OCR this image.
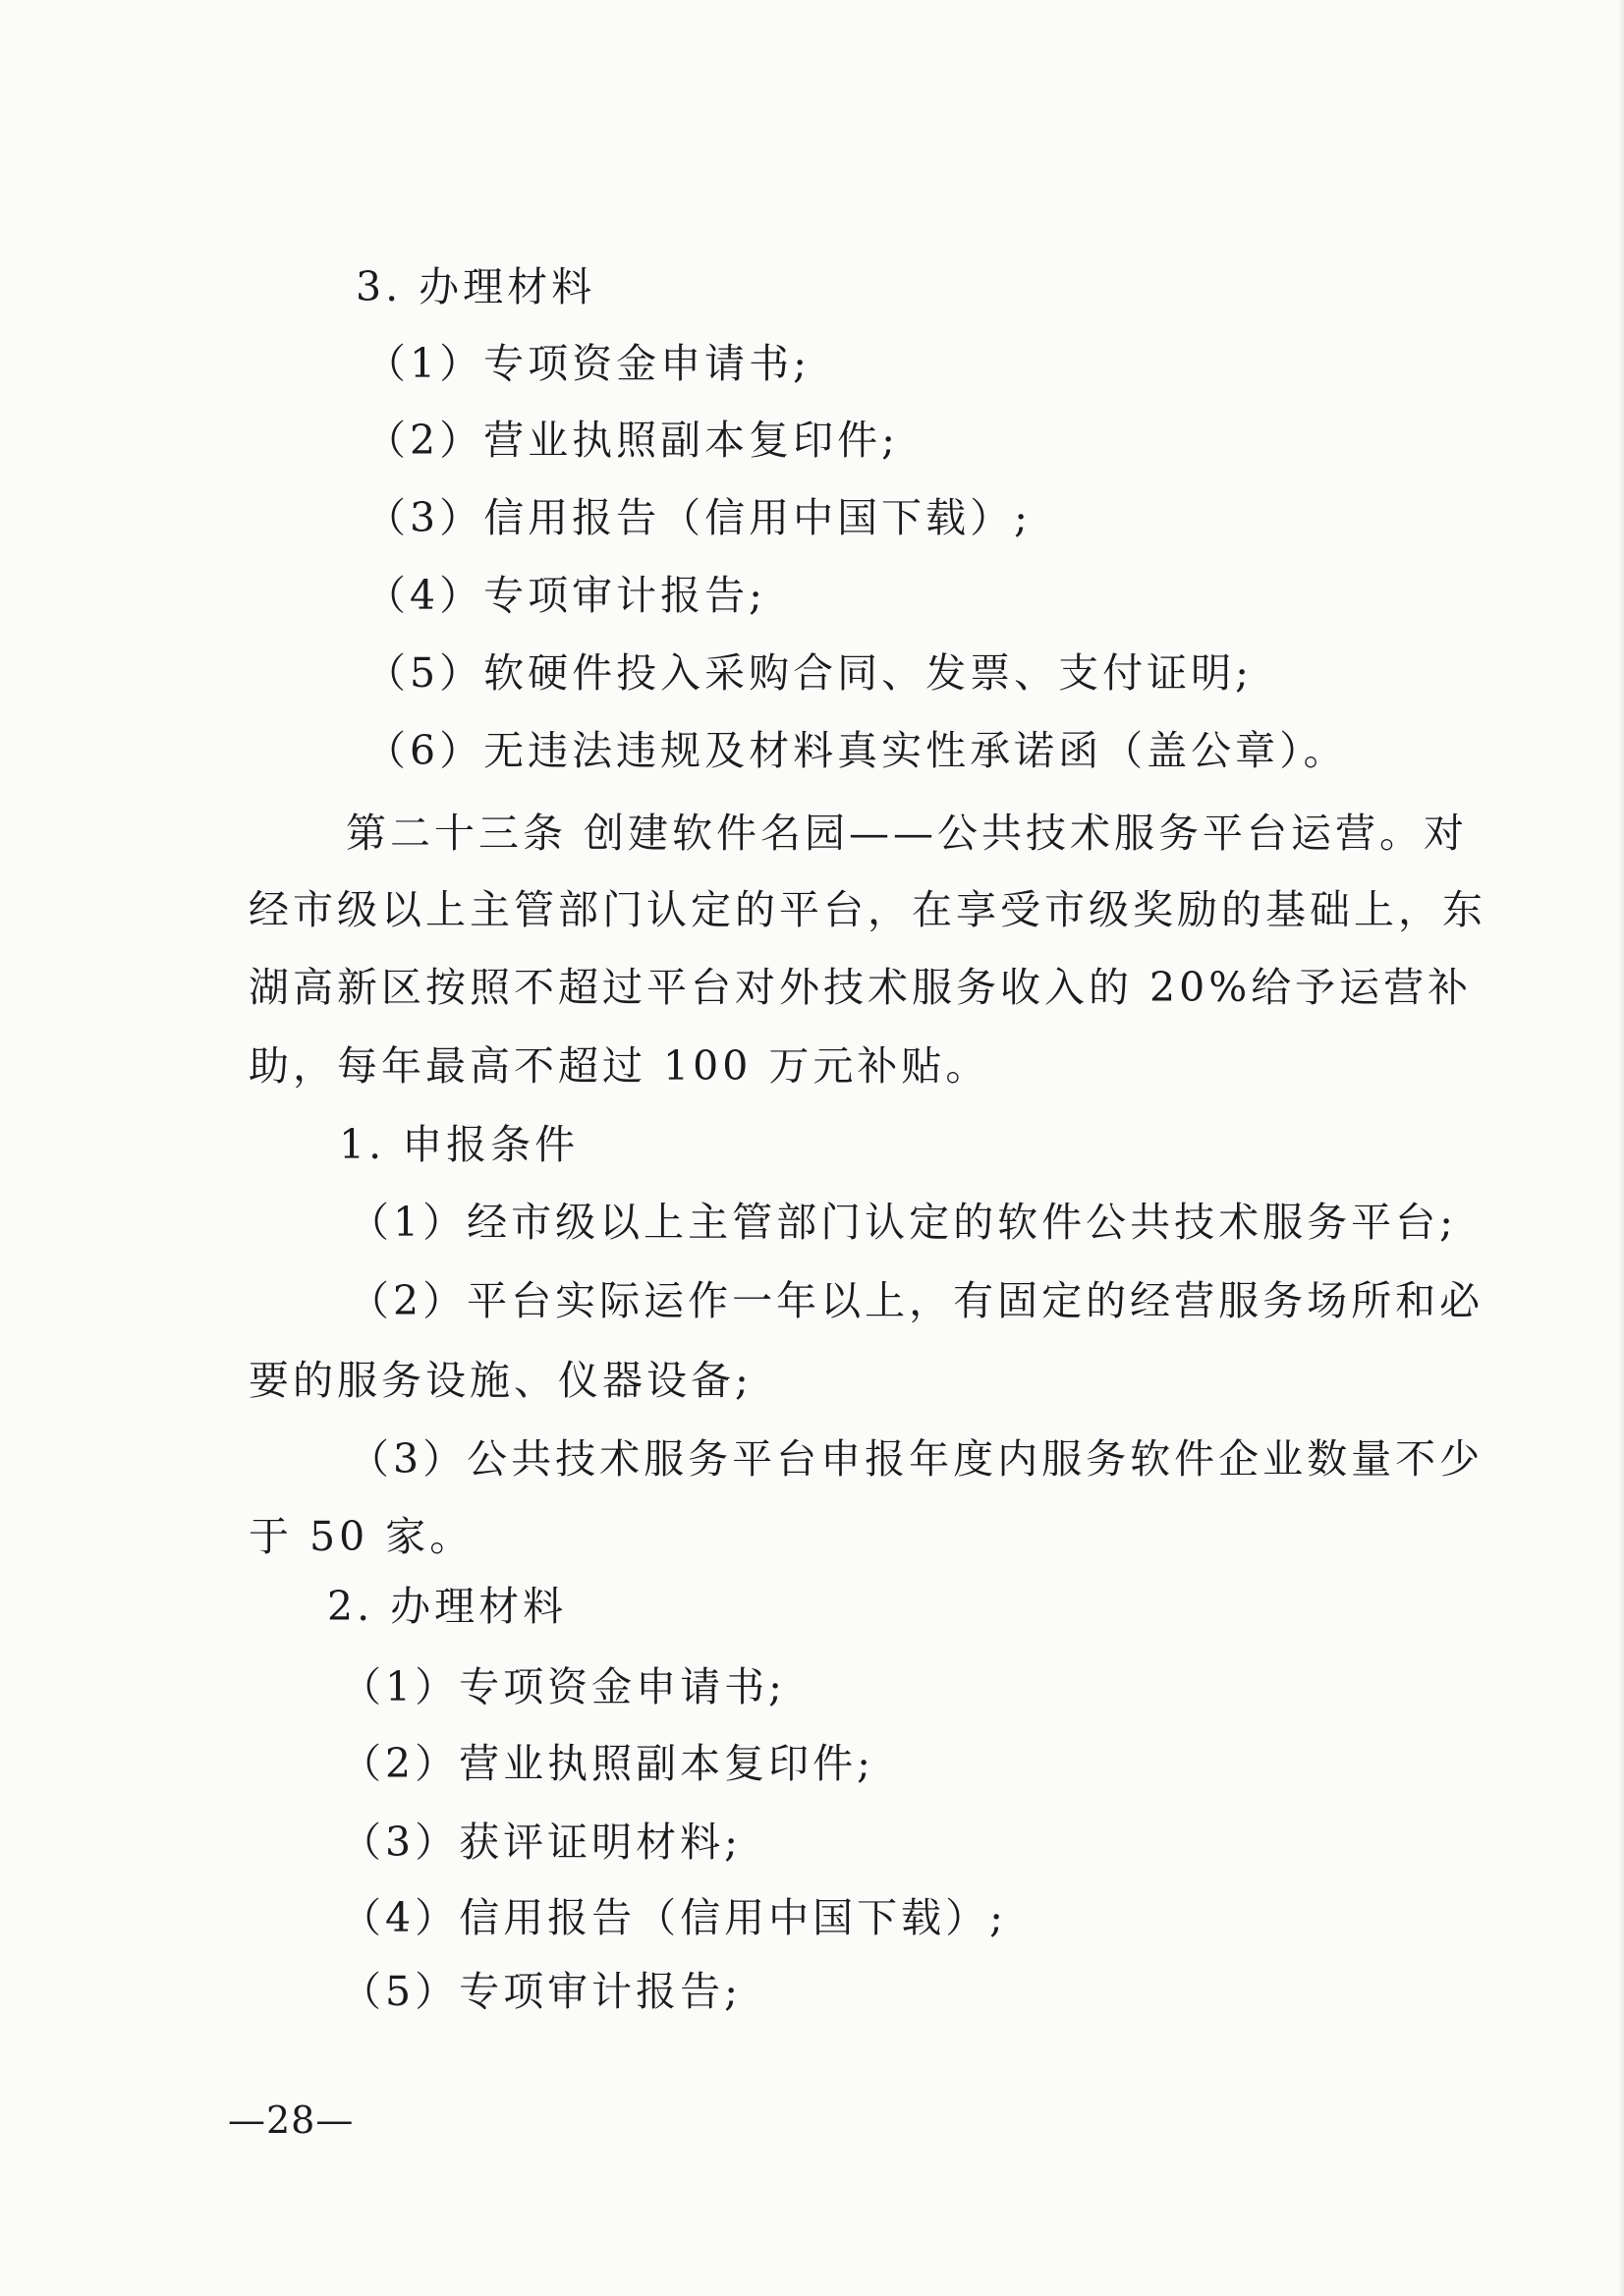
3. 办理材料
（1）专项资金申请书;
（2）营业执照副本复印件;
（3）信用报告（信用中国下载）;
（4）专项审计报告;
（5）软硬件投入采购合同、发票、支付证明;
（6）无违法违规及材料真实性承诺函（盖公章）。
第二十三条 创建软件名园——公共技术服务平台运营。对
经市级以上主管部门认定的平台，在享受市级奖励的基础上，东
湖高新区按照不超过平台对外技术服务收入的 20%给予运营补
助，每年最高不超过 100 万元补贴。
1. 申报条件
（1）经市级以上主管部门认定的软件公共技术服务平台;
（2）平台实际运作一年以上，有固定的经营服务场所和必
要的服务设施、仪器设备;
（3）公共技术服务平台申报年度内服务软件企业数量不少
于 50 家。
2. 办理材料
（1）专项资金申请书;
（2）营业执照副本复印件;
（3）获评证明材料;
（4）信用报告（信用中国下载）;
（5）专项审计报告;
—28—
